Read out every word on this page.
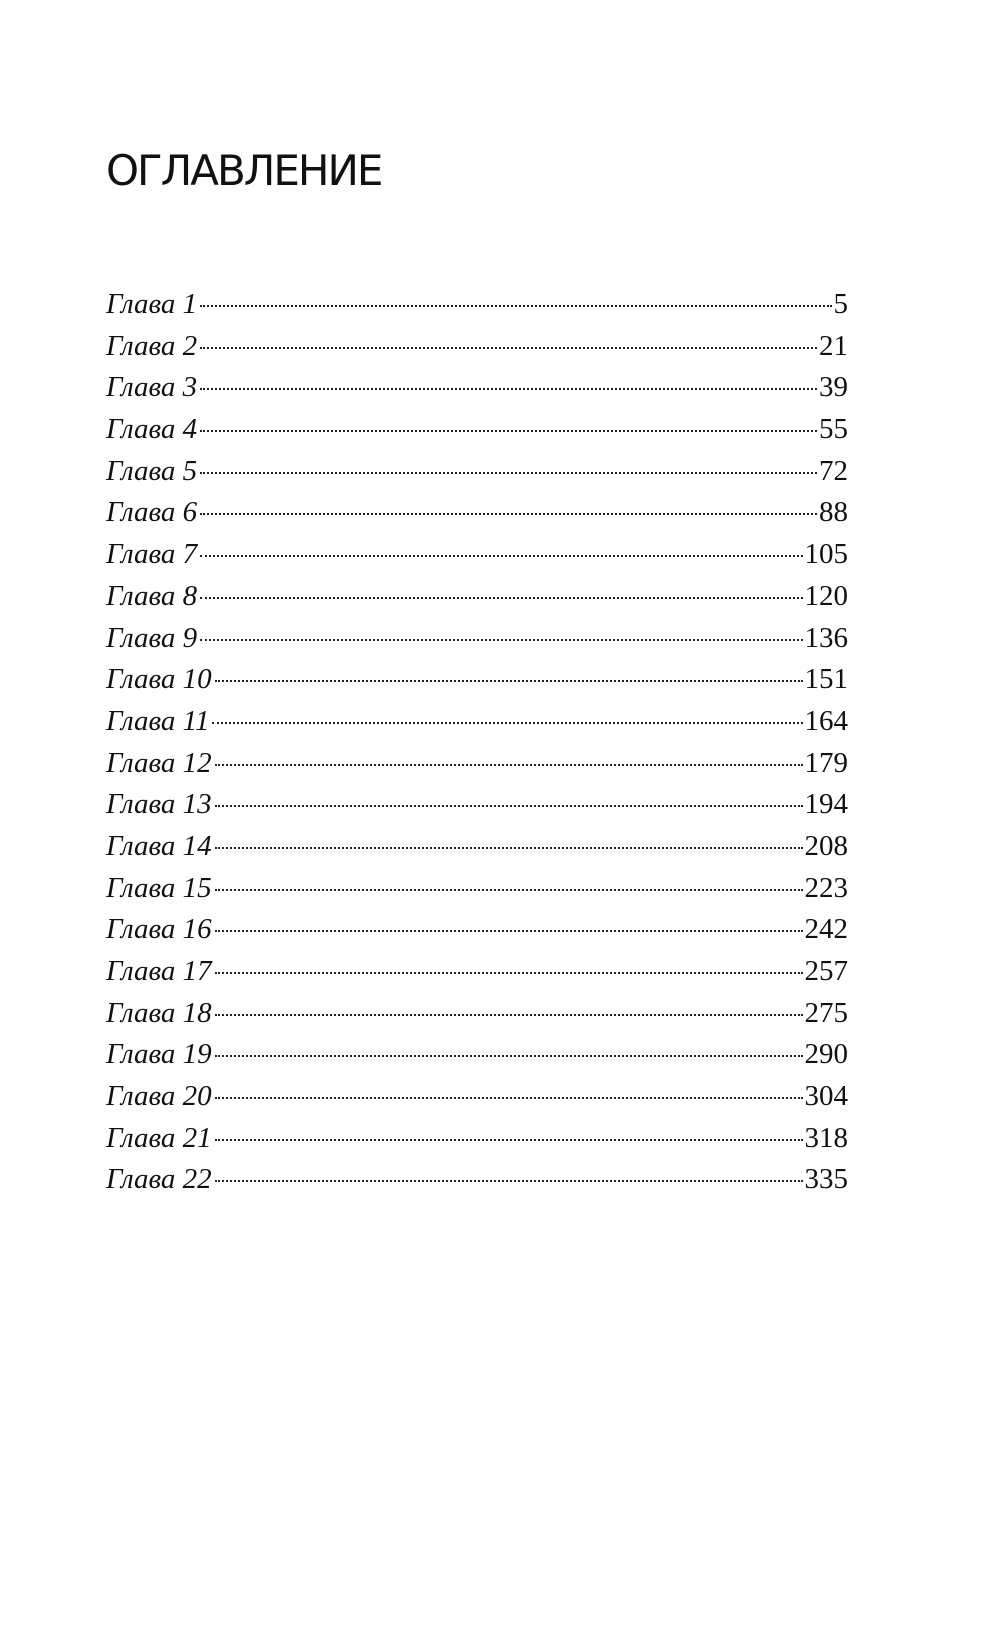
ОГЛАВЛЕНИЕ
Глава 1	5
Глава 2	21
Глава 3	39
Глава 4	55
Глава 5	72
Глава 6	88
Глава 7	105
Глава 8	120
Глава 9	136
Глава 10	151
Глава 11	164
Глава 12	179
Глава 13	194
Глава 14	208
Глава 15	223
Глава 16	242
Глава 17	257
Глава 18	275
Глава 19	290
Глава 20	304
Глава 21	318
Глава 22	335
